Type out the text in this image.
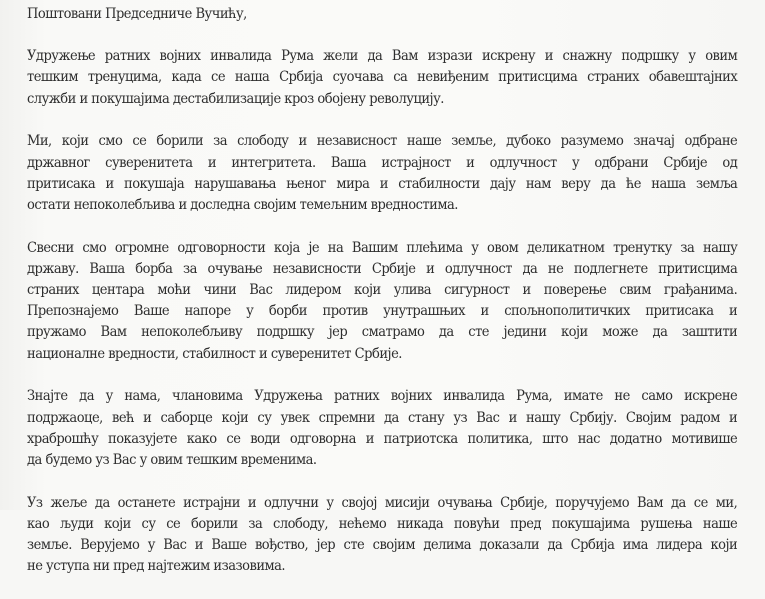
Поштовани Председниче Вучићу,
Удружење ратних војних инвалида Рума жели да Вам изрази искрену и снажну подршку у овим
тешким тренуцима, када се наша Србија суочава са невиђеним притисцима страних обавештајних
служби и покушајима дестабилизације кроз обојену револуцију.
Ми, који смо се борили за слободу и независност наше земље, дубоко разумемо значај одбране
државног суверенитета и интегритета. Ваша истрајност и одлучност у одбрани Србије од
притисака и покушаја нарушавања њеног мира и стабилности дају нам веру да ће наша земља
остати непоколебљива и доследна својим темељним вредностима.
Свесни смо огромне одговорности која је на Вашим плећима у овом деликатном тренутку за нашу
државу. Ваша борба за очување независности Србије и одлучност да не подлегнете притисцима
страних центара моћи чини Вас лидером који улива сигурност и поверење свим грађанима.
Препознајемо Ваше напоре у борби против унутрашњих и спољнополитичких притисака и
пружамо Вам непоколебљиву подршку јер сматрамо да сте једини који може да заштити
националне вредности, стабилност и суверенитет Србије.
Знајте да у нама, члановима Удружења ратних војних инвалида Рума, имате не само искрене
подржаоце, већ и саборце који су увек спремни да стану уз Вас и нашу Србију. Својим радом и
храброшћу показујете како се води одговорна и патриотска политика, што нас додатно мотивише
да будемо уз Вас у овим тешким временима.
Уз жеље да останете истрајни и одлучни у својој мисији очувања Србије, поручујемо Вам да се ми,
као људи који су се борили за слободу, нећемо никада повући пред покушајима рушења наше
земље. Верујемо у Вас и Ваше вођство, јер сте својим делима доказали да Србија има лидера који
не уступа ни пред најтежим изазовима.
